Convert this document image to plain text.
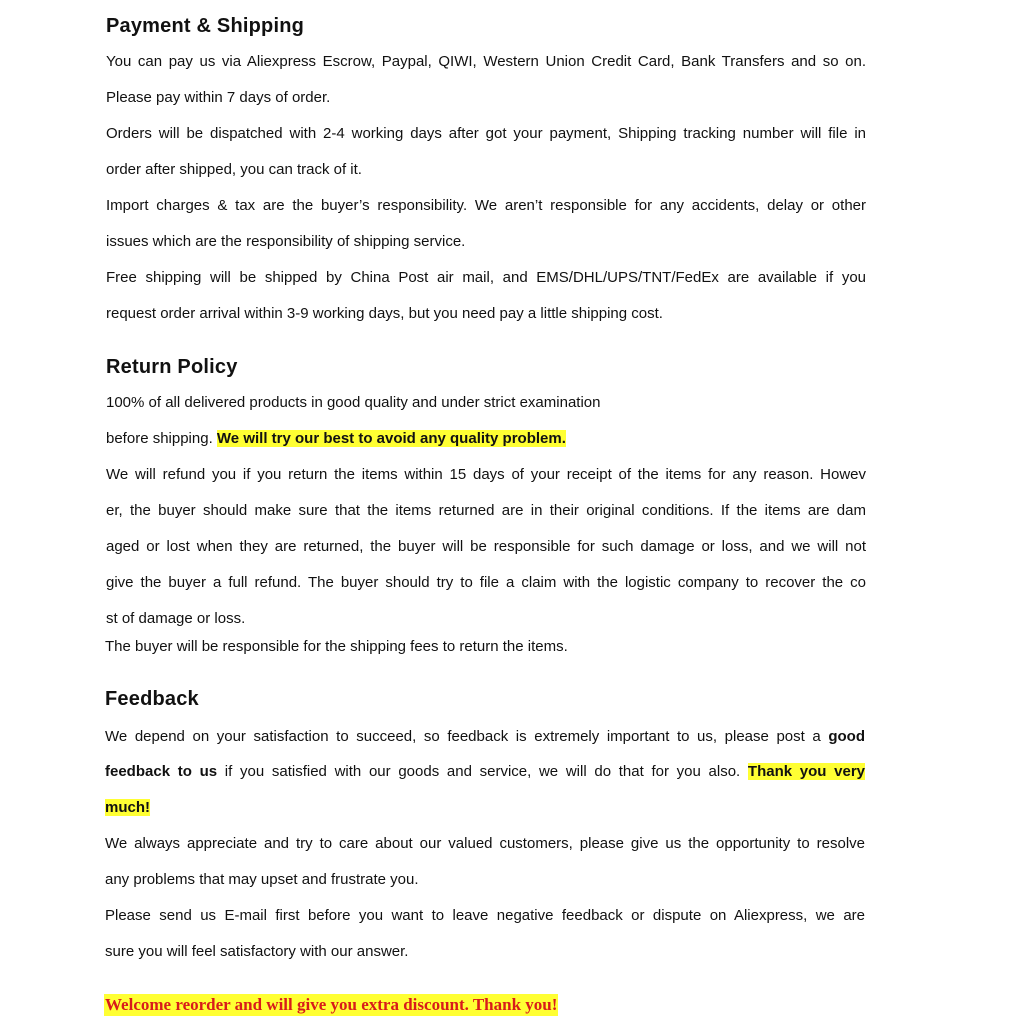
Payment & Shipping
You can pay us via Aliexpress Escrow, Paypal, QIWI, Western Union Credit Card, Bank Transfers and so on.
Please pay within 7 days of order.
Orders will be dispatched with 2-4 working days after got your payment, Shipping tracking number will file in
order after shipped, you can track of it.
Import charges & tax are the buyer’s responsibility. We aren’t responsible for any accidents, delay or other
issues which are the responsibility of shipping service.
Free shipping will be shipped by China Post air mail, and EMS/DHL/UPS/TNT/FedEx are available if you
request order arrival within 3-9 working days, but you need pay a little shipping cost.
Return Policy
100% of all delivered products in good quality and under strict examination
before shipping. We will try our best to avoid any quality problem.
We will refund you if you return the items within 15 days of your receipt of the items for any reason. Howev
er, the buyer should make sure that the items returned are in their original conditions. If the items are dam
aged or lost when they are returned, the buyer will be responsible for such damage or loss, and we will not
give the buyer a full refund. The buyer should try to file a claim with the logistic company to recover the co
st of damage or loss.
The buyer will be responsible for the shipping fees to return the items.
Feedback
We depend on your satisfaction to succeed, so feedback is extremely important to us, please post a good
feedback to us if you satisfied with our goods and service, we will do that for you also. Thank you very
much!
We always appreciate and try to care about our valued customers, please give us the opportunity to resolve
any problems that may upset and frustrate you.
Please send us E-mail first before you want to leave negative feedback or dispute on Aliexpress, we are
sure you will feel satisfactory with our answer.
Welcome reorder and will give you extra discount. Thank you!
